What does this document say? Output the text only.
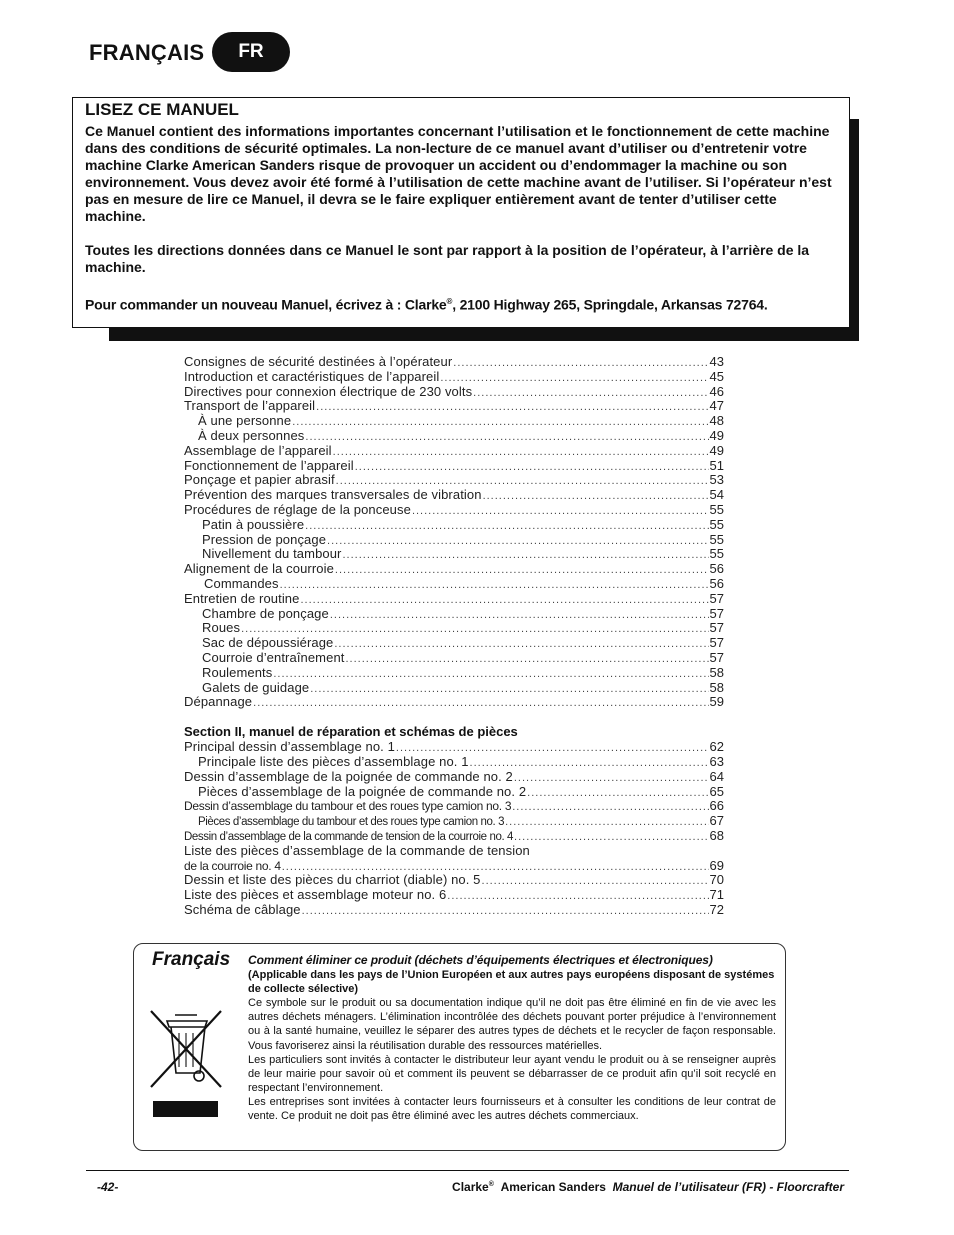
FRANÇAIS	FR
LISEZ CE MANUEL

Ce Manuel contient des informations importantes concernant l’utilisation et le fonctionnement de cette machine dans des conditions de sécurité optimales. La non-lecture de ce manuel avant d’utiliser ou d’entretenir votre machine Clarke American Sanders risque de provoquer un accident ou d’endommager la machine ou son environnement. Vous devez avoir été formé à l’utilisation de cette machine avant de l’utiliser. Si l’opérateur n’est pas en mesure de lire ce Manuel, il devra se le faire expliquer entièrement avant de tenter d’utiliser cette machine.

Toutes les directions données dans ce Manuel le sont par rapport à la position de l’opérateur, à l’arrière de la machine.

Pour commander un nouveau Manuel, écrivez à : Clarke®, 2100 Highway 265, Springdale, Arkansas 72764.

Consignes de sécurité destinées à l’opérateur .....	43
Introduction et caractéristiques de l’appareil .....	45
Directives pour connexion électrique de 230 volts .....	46
Transport de l’appareil .....	47
À une personne .....	48
À deux personnes .....	49
Assemblage de l’appareil .....	49
Fonctionnement de l’appareil .....	51
Ponçage et papier abrasif .....	53
Prévention des marques transversales de vibration .....	54
Procédures de réglage de la ponceuse .....	55
Patin à poussière .....	55
Pression de ponçage .....	55
Nivellement du tambour .....	55
Alignement de la courroie .....	56
Commandes .....	56
Entretien de routine .....	57
Chambre de ponçage .....	57
Roues .....	57
Sac de dépoussiérage .....	57
Courroie d’entraînement .....	57
Roulements .....	58
Galets de guidage .....	58
Dépannage .....	59
Section II, manuel de réparation et schémas de pièces
Principal dessin d’assemblage no. 1 .....	62
Principale liste des pièces d’assemblage no. 1 .....	63
Dessin d’assemblage de la poignée de commande no. 2 .....	64
Pièces d’assemblage de la poignée de commande no. 2 .....	65
Dessin d’assemblage du tambour et des roues type camion no. 3 .....	66
Pièces d’assemblage du tambour et des roues type camion no. 3 .....	67
Dessin d’assemblage de la commande de tension de la courroie no. 4 .....	68
Liste des pièces d’assemblage de la commande de tension
de la courroie no. 4 .....	69
Dessin et liste des pièces du charriot (diable) no. 5 .....	70
Liste des pièces et assemblage moteur no. 6 .....	71
Schéma de câblage .....	72
Français Comment éliminer ce produit (déchets d’équipements électriques et électroniques)
(Applicable dans les pays de l’Union Européen et aux autres pays européens disposant de systémes de collecte sélective)
Ce symbole sur le produit ou sa documentation indique qu’il ne doit pas être éliminé en fin de vie avec les autres déchets ménagers. L’élimination incontrôlée des déchets pouvant porter préjudice à l’environnement ou à la santé humaine, veuillez le séparer des autres types de déchets et le recycler de façon responsable. Vous favoriserez ainsi la réutilisation durable des ressources matérielles.
Les particuliers sont invités à contacter le distributeur leur ayant vendu le produit ou à se renseigner auprès de leur mairie pour savoir où et comment ils peuvent se débarrasser de ce produit afin qu’il soit recyclé en respectant l’environnement.
Les entreprises sont invitées à contacter leurs fournisseurs et à consulter les conditions de leur contrat de vente. Ce produit ne doit pas être éliminé avec les autres déchets commerciaux.
-42-	Clarke® American Sanders Manuel de l’utilisateur (FR) - Floorcrafter
